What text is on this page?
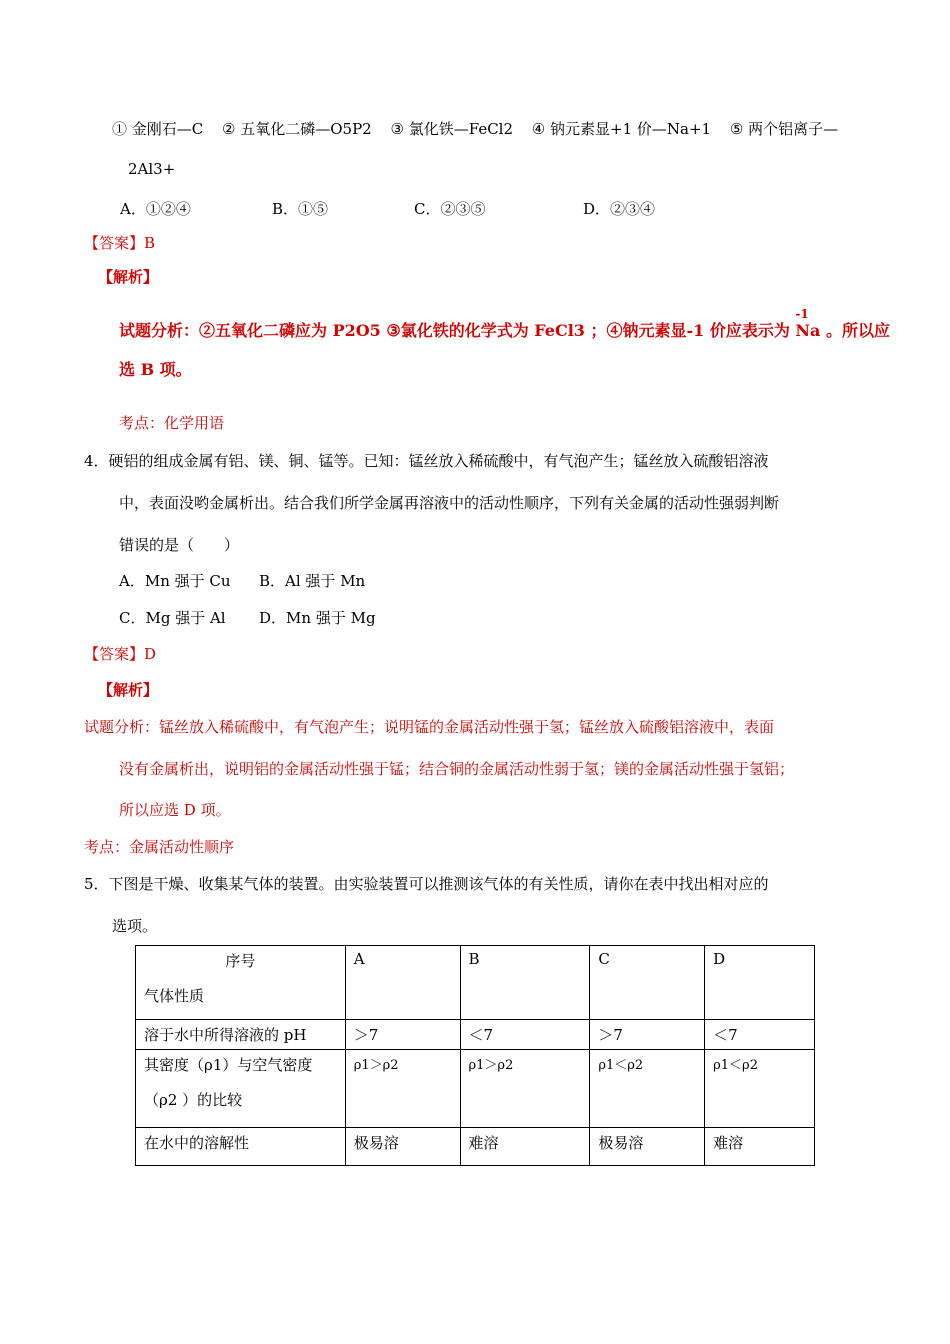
① 金刚石—C ② 五氧化二磷—O5P2 ③ 氯化铁—FeCl2 ④ 钠元素显+1 价—Na+1 ⑤ 两个铝离子—
2Al3+
A．①②④	B．①⑤	C．②③⑤	D．②③④
【答案】B
【解析】
试题分析：②五氧化二磷应为 P2O5 ③氯化铁的化学式为 FeCl3 ；④钠元素显-1 价应表示为
-1
Na 。所以应
选 B 项。
考点：化学用语
4．硬铝的组成金属有铝、镁、铜、锰等。已知：锰丝放入稀硫酸中，有气泡产生；锰丝放入硫酸铝溶液
中，表面没哟金属析出。结合我们所学金属再溶液中的活动性顺序，下列有关金属的活动性强弱判断
错误的是（　　）
A．Mn 强于 Cu B．Al 强于 Mn
C．Mg 强于 Al D．Mn 强于 Mg
【答案】D
【解析】
试题分析：锰丝放入稀硫酸中，有气泡产生；说明锰的金属活动性强于氢；锰丝放入硫酸铝溶液中，表面
没有金属析出，说明铝的金属活动性强于锰；结合铜的金属活动性弱于氢；镁的金属活动性强于氢铝；
所以应选 D 项。
考点：金属活动性顺序
5．下图是干燥、收集某气体的装置。由实验装置可以推测该气体的有关性质，请你在表中找出相对应的
选项。
序号
气体性质	A	B	C	D
溶于水中所得溶液的 pH	＞7	＜7	＞7	＜7

其密度（ρ1）与空气密度
（ρ2 ）的比较	ρ1＞ρ2	ρ1＞ρ2	ρ1＜ρ2	ρ1＜ρ2
在水中的溶解性	极易溶	难溶	极易溶	难溶
